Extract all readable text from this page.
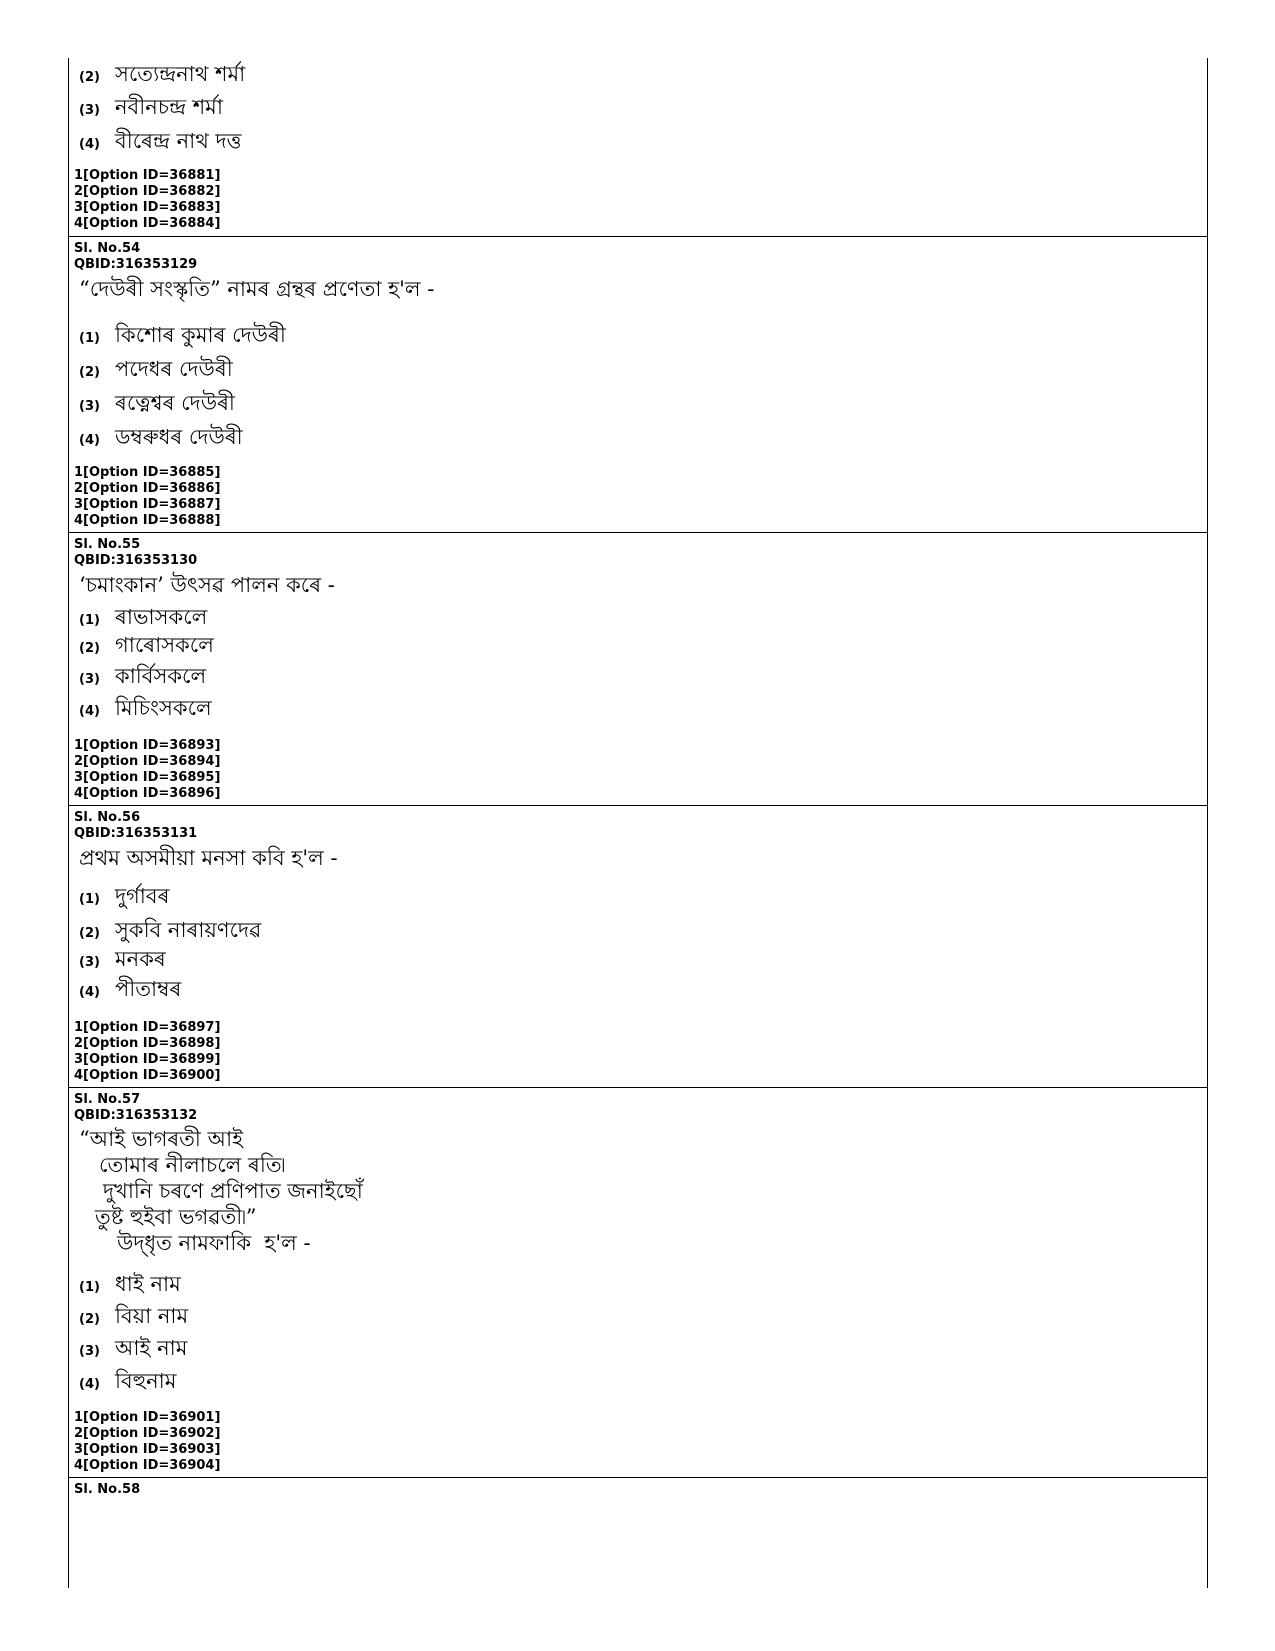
(2) সত্যেন্দ্ৰনাথ শৰ্মা
(3) নবীনচন্দ্ৰ শৰ্মা
(4) বীৰেন্দ্ৰ নাথ দত্ত
1[Option ID=36881]
2[Option ID=36882]
3[Option ID=36883]
4[Option ID=36884]
Sl. No.54
QBID:316353129
“দেউৰী সংস্কৃতি” নামৰ গ্ৰন্থৰ প্ৰণেতা হ'ল -
(1) কিশোৰ কুমাৰ দেউৰী
(2) পদেধৰ দেউৰী
(3) ৰত্নেশ্বৰ দেউৰী
(4) ডম্বৰুধৰ দেউৰী
1[Option ID=36885]
2[Option ID=36886]
3[Option ID=36887]
4[Option ID=36888]
Sl. No.55
QBID:316353130
‘চমাংকান’ উৎসৱ পালন কৰে -
(1) ৰাভাসকলে
(2) গাৰোসকলে
(3) কাৰ্বিসকলে
(4) মিচিংসকলে
1[Option ID=36893]
2[Option ID=36894]
3[Option ID=36895]
4[Option ID=36896]
Sl. No.56
QBID:316353131
প্ৰথম অসমীয়া মনসা কবি হ'ল -
(1) দুৰ্গাবৰ
(2) সুকবি নাৰায়ণদেৱ
(3) মনকৰ
(4) পীতাম্বৰ
1[Option ID=36897]
2[Option ID=36898]
3[Option ID=36899]
4[Option ID=36900]
Sl. No.57
QBID:316353132
“আই ভাগৰতী আই
তোমাৰ নীলাচলে ৰতি৷
দুখানি চৰণে প্ৰণিপাত জনাইছোঁ
তুষ্ট হুইবা ভগৱতী৷”
উদ্‌ধৃত নামফাকি  হ'ল -
(1) ধাই নাম
(2) বিয়া নাম
(3) আই নাম
(4) বিহুনাম
1[Option ID=36901]
2[Option ID=36902]
3[Option ID=36903]
4[Option ID=36904]
Sl. No.58
